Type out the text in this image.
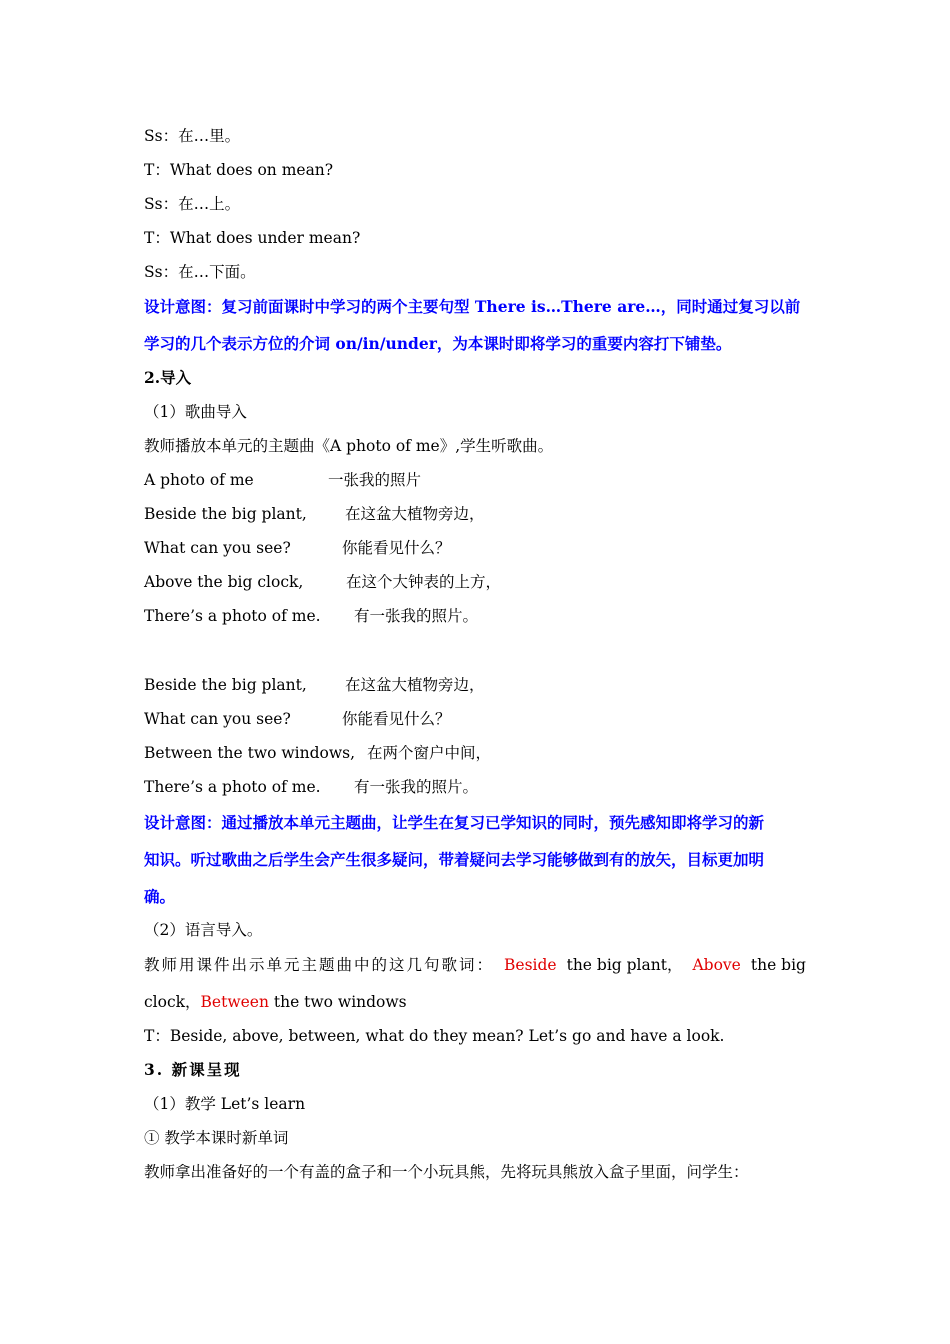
Ss：在…里。
T：What does on mean?
Ss：在…上。
T：What does under mean?
Ss：在…下面。
设计意图：复习前面课时中学习的两个主要句型 There is…There are…，同时通过复习以前
学习的几个表示方位的介词 on/in/under，为本课时即将学习的重要内容打下铺垫。
2.导入
（1）歌曲导入
教师播放本单元的主题曲《A photo of me》,学生听歌曲。
A photo of me	一张我的照片
Beside the big plant, 在这盆大植物旁边，
What can you see?	你能看见什么？
Above the big clock,	在这个大钟表的上方，
There’s a photo of me. 有一张我的照片。
Beside the big plant, 在这盆大植物旁边，
What can you see?	你能看见什么？
Between the two windows, 在两个窗户中间，
There’s a photo of me. 有一张我的照片。
设计意图：通过播放本单元主题曲，让学生在复习已学知识的同时，预先感知即将学习的新
知识。听过歌曲之后学生会产生很多疑问，带着疑问去学习能够做到有的放矢，目标更加明
确。
（2）语言导入。
教师用课件出示单元主题曲中的这几句歌词： Beside the big plant， Above the big
clock，Between the two windows
T：Beside, above, between, what do they mean? Let’s go and have a look.
3. 新课呈现
（1）教学 Let’s learn
① 教学本课时新单词
教师拿出准备好的一个有盖的盒子和一个小玩具熊，先将玩具熊放入盒子里面，问学生：
